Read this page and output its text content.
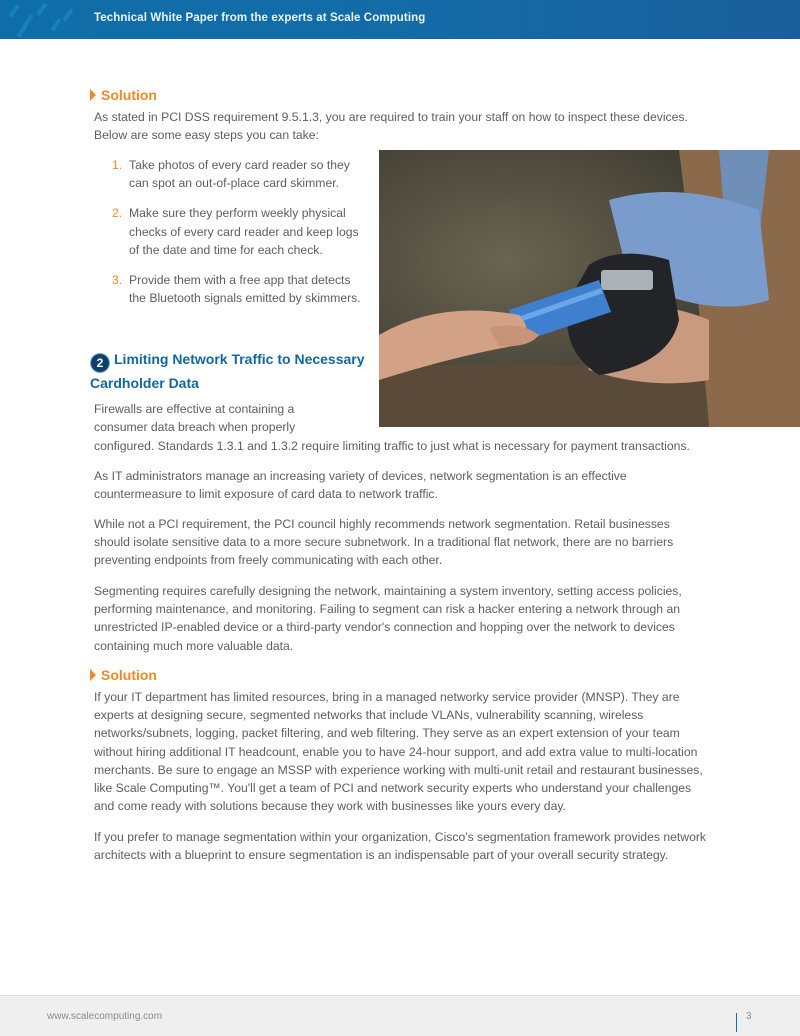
Technical White Paper from the experts at Scale Computing
Solution

As stated in PCI DSS requirement 9.5.1.3, you are required to train your staff on how to inspect these devices. Below are some easy steps you can take:

1. Take photos of every card reader so they can spot an out-of-place card skimmer.
2. Make sure they perform weekly physical checks of every card reader and keep logs of the date and time for each check.
3. Provide them with a free app that detects the Bluetooth signals emitted by skimmers.
2 Limiting Network Traffic to Necessary Cardholder Data

Firewalls are effective at containing a consumer data breach when properly

configured. Standards 1.3.1 and 1.3.2 require limiting traffic to just what is necessary for payment transactions.

As IT administrators manage an increasing variety of devices, network segmentation is an effective countermeasure to limit exposure of card data to network traffic.

While not a PCI requirement, the PCI council highly recommends network segmentation. Retail businesses should isolate sensitive data to a more secure subnetwork. In a traditional flat network, there are no barriers preventing endpoints from freely communicating with each other.

Segmenting requires carefully designing the network, maintaining a system inventory, setting access policies, performing maintenance, and monitoring. Failing to segment can risk a hacker entering a network through an unrestricted IP-enabled device or a third-party vendor's connection and hopping over the network to devices containing much more valuable data.

Solution

If your IT department has limited resources, bring in a managed networky service provider (MNSP). They are experts at designing secure, segmented networks that include VLANs, vulnerability scanning, wireless networks/subnets, logging, packet filtering, and web filtering. They serve as an expert extension of your team without hiring additional IT headcount, enable you to have 24-hour support, and add extra value to multi-location merchants. Be sure to engage an MSSP with experience working with multi-unit retail and restaurant businesses, like Scale Computing™. You'll get a team of PCI and network security experts who understand your challenges and come ready with solutions because they work with businesses like yours every day.

If you prefer to manage segmentation within your organization, Cisco's segmentation framework provides network architects with a blueprint to ensure segmentation is an indispensable part of your overall security strategy.

www.scalecomputing.com	3
